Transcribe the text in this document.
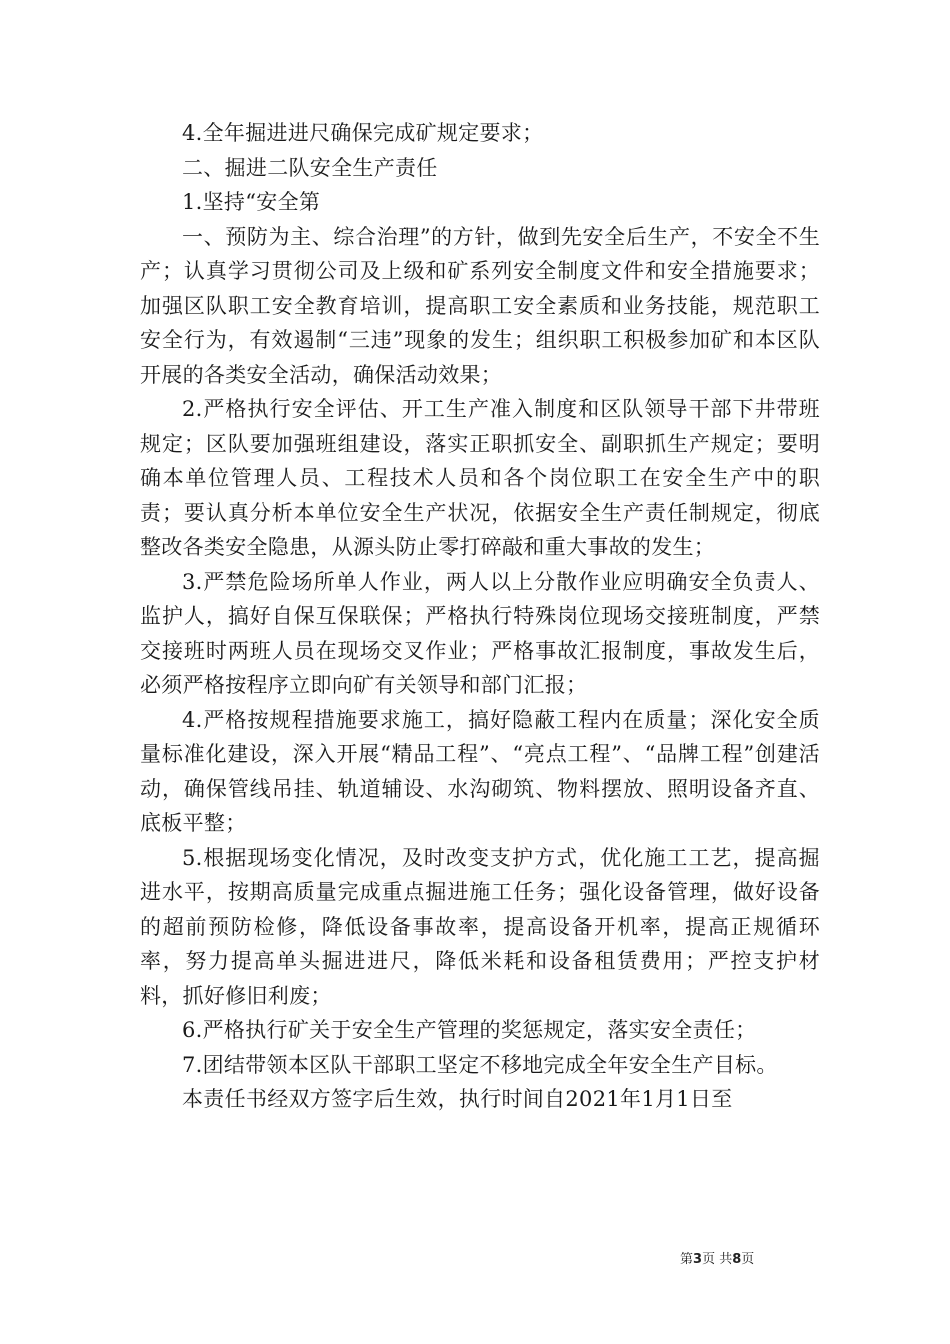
4.全年掘进进尺确保完成矿规定要求；

二、掘进二队安全生产责任

1.坚持“安全第

一、预防为主、综合治理”的方针，做到先安全后生产，不安全不生产；认真学习贯彻公司及上级和矿系列安全制度文件和安全措施要求；加强区队职工安全教育培训，提高职工安全素质和业务技能，规范职工安全行为，有效遏制“三违”现象的发生；组织职工积极参加矿和本区队开展的各类安全活动，确保活动效果；

2.严格执行安全评估、开工生产准入制度和区队领导干部下井带班规定；区队要加强班组建设，落实正职抓安全、副职抓生产规定；要明确本单位管理人员、工程技术人员和各个岗位职工在安全生产中的职责；要认真分析本单位安全生产状况，依据安全生产责任制规定，彻底整改各类安全隐患，从源头防止零打碎敲和重大事故的发生；

3.严禁危险场所单人作业，两人以上分散作业应明确安全负责人、监护人，搞好自保互保联保；严格执行特殊岗位现场交接班制度，严禁交接班时两班人员在现场交叉作业；严格事故汇报制度，事故发生后，必须严格按程序立即向矿有关领导和部门汇报；

4.严格按规程措施要求施工，搞好隐蔽工程内在质量；深化安全质量标准化建设，深入开展“精品工程”、“亮点工程”、“品牌工程”创建活动，确保管线吊挂、轨道辅设、水沟砌筑、物料摆放、照明设备齐直、底板平整；

5.根据现场变化情况，及时改变支护方式，优化施工工艺，提高掘进水平，按期高质量完成重点掘进施工任务；强化设备管理，做好设备的超前预防检修，降低设备事故率，提高设备开机率，提高正规循环率，努力提高单头掘进进尺，降低米耗和设备租赁费用；严控支护材料，抓好修旧利废；

6.严格执行矿关于安全生产管理的奖惩规定，落实安全责任；

7.团结带领本区队干部职工坚定不移地完成全年安全生产目标。

本责任书经双方签字后生效，执行时间自2021年1月1日至

第3页 共8页
